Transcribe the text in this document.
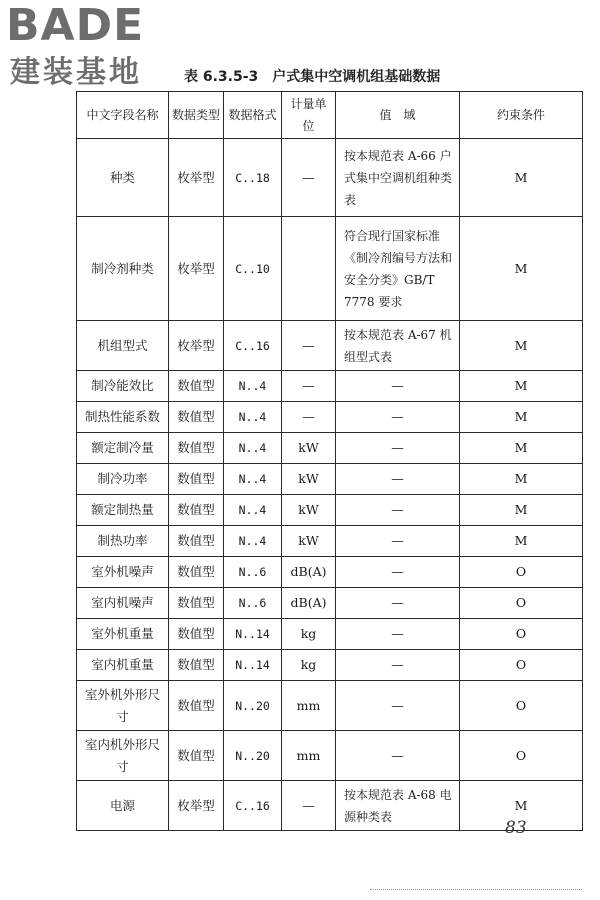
BADE
建装基地	表 6.3.5-3 户式集中空调机组基础数据
中文字段名称	数据类型	数据格式	计量单位	值　域	约束条件
种类	枚举型	C..18	—	按本规范表 A-66 户式集中空调机组种类表	M
制冷剂种类	枚举型	C..10		符合现行国家标准《制冷剂编号方法和安全分类》GB/T 7778 要求	M
机组型式	枚举型	C..16	—	按本规范表 A-67 机组型式表	M
制冷能效比	数值型	N..4	—	—	M
制热性能系数	数值型	N..4	—	—	M
额定制冷量	数值型	N..4	kW	—	M
制冷功率	数值型	N..4	kW	—	M
额定制热量	数值型	N..4	kW	—	M
制热功率	数值型	N..4	kW	—	M
室外机噪声	数值型	N..6	dB(A)	—	O
室内机噪声	数值型	N..6	dB(A)	—	O
室外机重量	数值型	N..14	kg	—	O
室内机重量	数值型	N..14	kg	—	O
室外机外形尺寸	数值型	N..20	mm	—	O
室内机外形尺寸	数值型	N..20	mm	—	O
电源	枚举型	C..16	—	按本规范表 A-68 电源种类表	M
83
